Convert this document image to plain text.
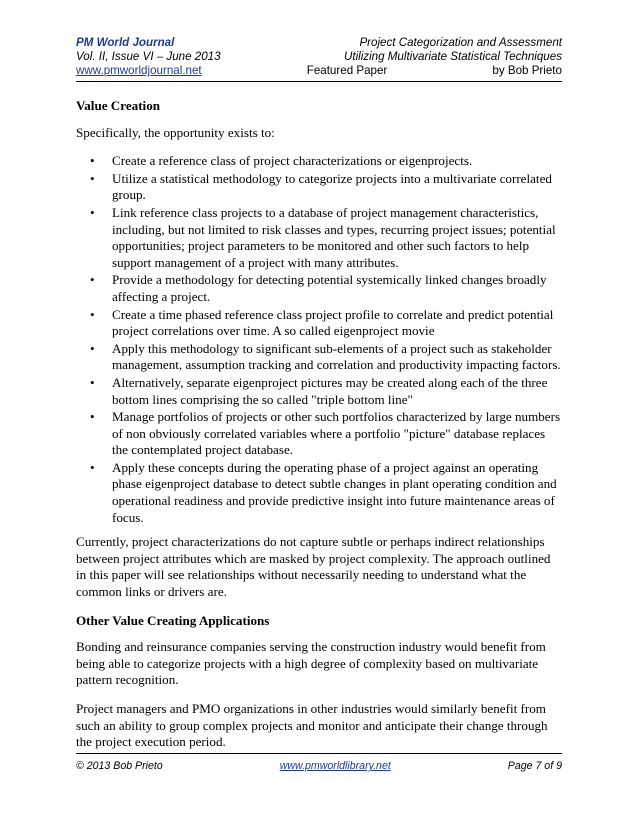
PM World Journal	Project Categorization and Assessment
Vol. II, Issue VI – June 2013	Utilizing Multivariate Statistical Techniques
www.pmworldjournal.net	Featured Paper	by Bob Prieto
Value Creation

Specifically, the opportunity exists to:

• Create a reference class of project characterizations or eigenprojects.
• Utilize a statistical methodology to categorize projects into a multivariate correlated group.
• Link reference class projects to a database of project management characteristics, including, but not limited to risk classes and types, recurring project issues; potential opportunities; project parameters to be monitored and other such factors to help support management of a project with many attributes.
• Provide a methodology for detecting potential systemically linked changes broadly affecting a project.
• Create a time phased reference class project profile to correlate and predict potential project correlations over time. A so called eigenproject movie
• Apply this methodology to significant sub-elements of a project such as stakeholder management, assumption tracking and correlation and productivity impacting factors.
• Alternatively, separate eigenproject pictures may be created along each of the three bottom lines comprising the so called "triple bottom line"
• Manage portfolios of projects or other such portfolios characterized by large numbers of non obviously correlated variables where a portfolio "picture" database replaces the contemplated project database.
• Apply these concepts during the operating phase of a project against an operating phase eigenproject database to detect subtle changes in plant operating condition and operational readiness and provide predictive insight into future maintenance areas of focus.

Currently, project characterizations do not capture subtle or perhaps indirect relationships between project attributes which are masked by project complexity. The approach outlined in this paper will see relationships without necessarily needing to understand what the common links or drivers are.

Other Value Creating Applications

Bonding and reinsurance companies serving the construction industry would benefit from being able to categorize projects with a high degree of complexity based on multivariate pattern recognition.

Project managers and PMO organizations in other industries would similarly benefit from such an ability to group complex projects and monitor and anticipate their change through the project execution period.

© 2013 Bob Prieto	www.pmworldlibrary.net	Page 7 of 9
